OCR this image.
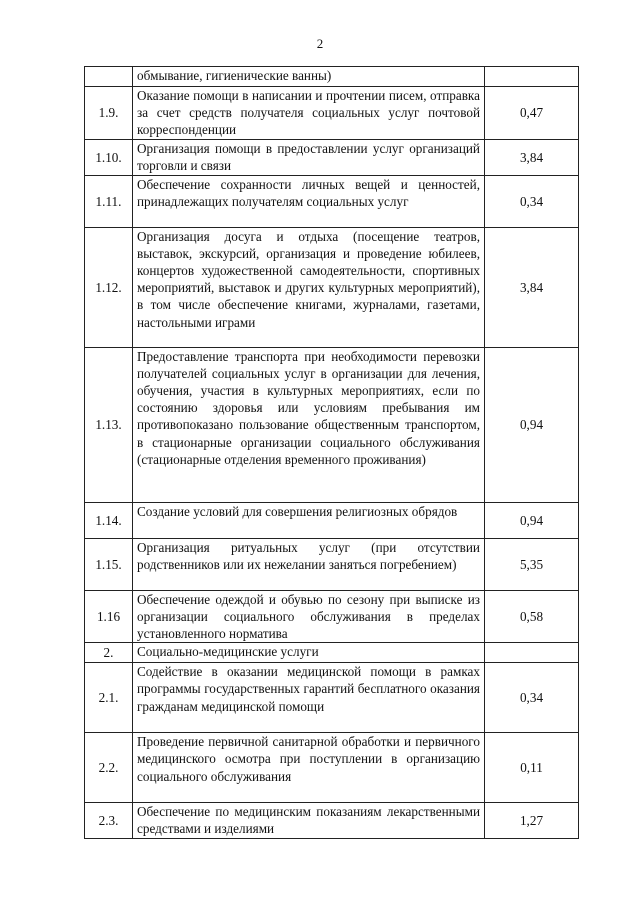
2
	обмывание, гигиенические ванны)	
1.9.	Оказание помощи в написании и прочтении писем, отправка за счет средств получателя социальных услуг почтовой корреспонденции	0,47
1.10.	Организация помощи в предоставлении услуг организаций торговли и связи	3,84
1.11.	Обеспечение сохранности личных вещей и ценностей, принадлежащих получателям социальных услуг	0,34
1.12.	Организация досуга и отдыха (посещение театров, выставок, экскурсий, организация и проведение юбилеев, концертов художественной самодеятельности, спортивных мероприятий, выставок и других культурных мероприятий), в том числе обеспечение книгами, журналами, газетами, настольными играми	3,84
1.13.	Предоставление транспорта при необходимости перевозки получателей социальных услуг в организации для лечения, обучения, участия в культурных мероприятиях, если по состоянию здоровья или условиям пребывания им противопоказано пользование общественным транспортом, в стационарные организации социального обслуживания (стационарные отделения временного проживания)	0,94
1.14.	Создание условий для совершения религиозных обрядов	0,94
1.15.	Организация ритуальных услуг (при отсутствии родственников или их нежелании заняться погребением)	5,35
1.16	Обеспечение одеждой и обувью по сезону при выписке из организации социального обслуживания в пределах установленного норматива	0,58
2.	Социально-медицинские услуги	
2.1.	Содействие в оказании медицинской помощи в рамках программы государственных гарантий бесплатного оказания гражданам медицинской помощи	0,34
2.2.	Проведение первичной санитарной обработки и первичного медицинского осмотра при поступлении в организацию социального обслуживания	0,11
2.3.	Обеспечение по медицинским показаниям лекарственными средствами и изделиями	1,27
